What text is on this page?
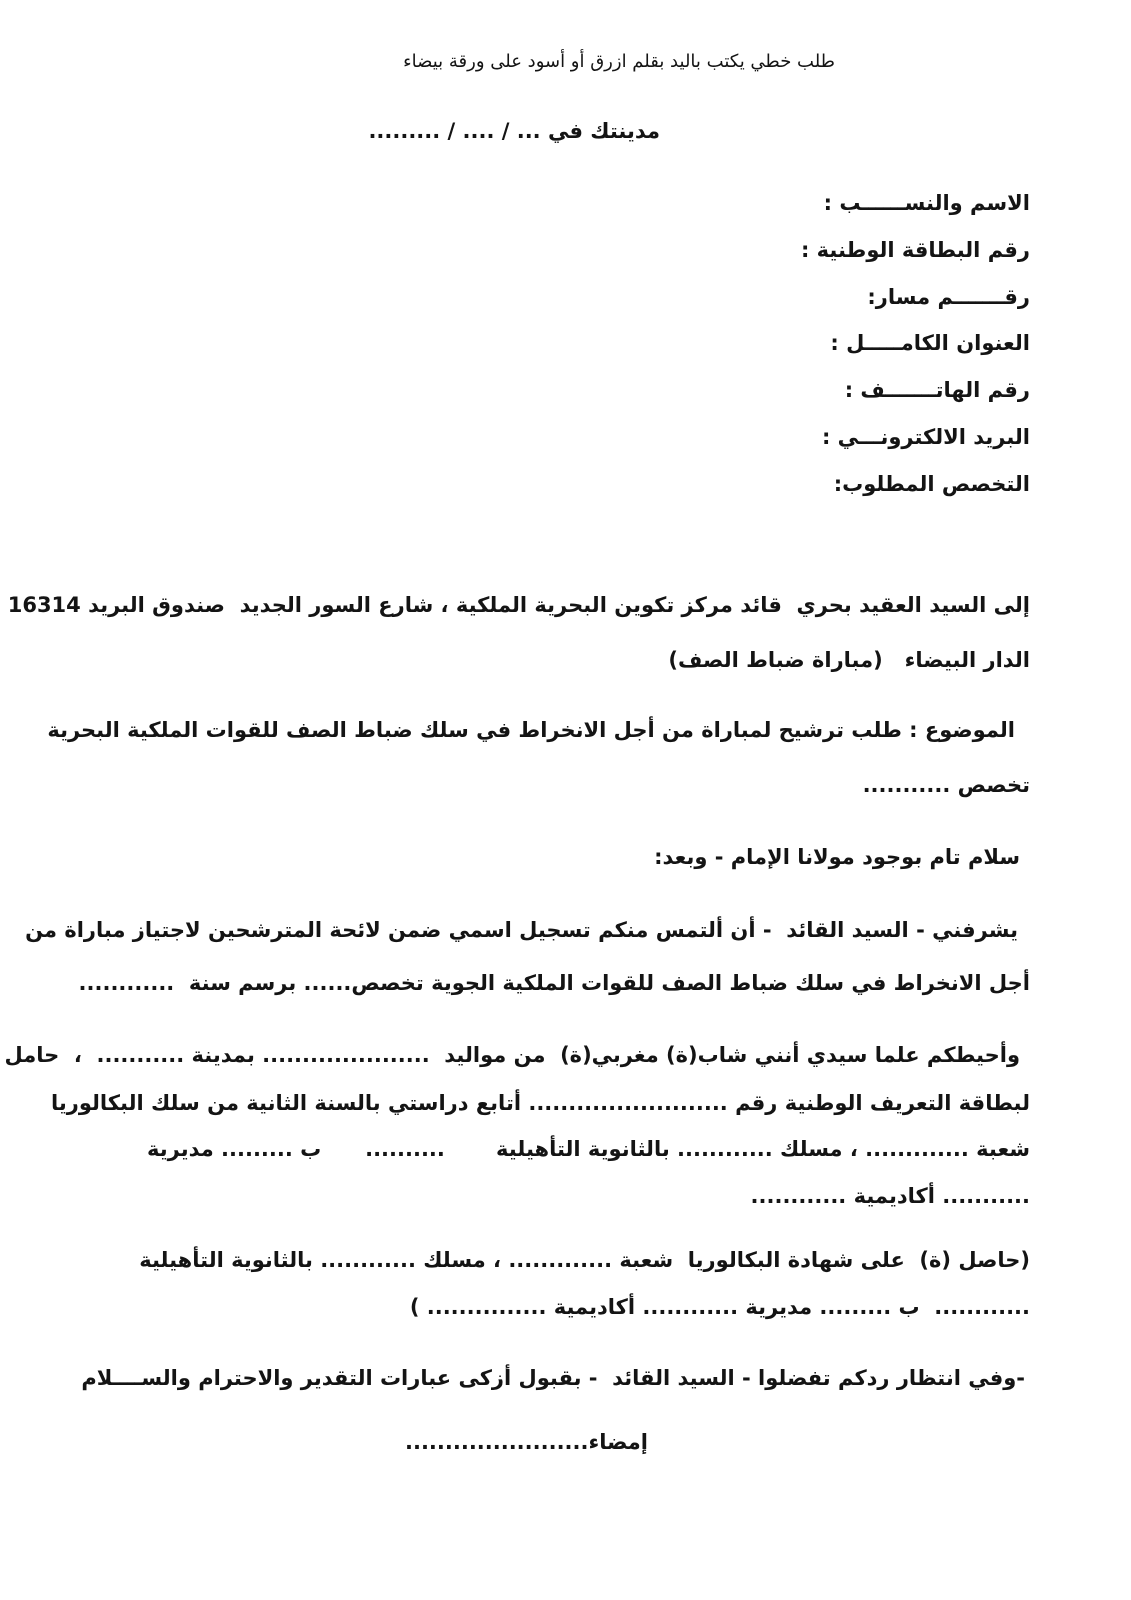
طلب خطي يكتب باليد بقلم ازرق أو أسود على ورقة بيضاء
مدينتك في ... / .... / .........
الاسم والنســــــب :
رقم البطاقة الوطنية :
رقـــــــم مسار:
العنوان الكامـــــل :
رقم الهاتـــــــف :
البريد الالكترونـــي :
التخصص المطلوب:
إلى السيد العقيد بحري  قائد مركز تكوين البحرية الملكية ، شارع السور الجديد  صندوق البريد 16314
الدار البيضاء   (مباراة ضباط الصف)
الموضوع : طلب ترشيح لمباراة من أجل الانخراط في سلك ضباط الصف للقوات الملكية البحرية
تخصص ...........
سلام تام بوجود مولانا الإمام - وبعد:
يشرفني - السيد القائد  - أن ألتمس منكم تسجيل اسمي ضمن لائحة المترشحين لاجتياز مباراة من
أجل الانخراط في سلك ضباط الصف للقوات الملكية الجوية تخصص...... برسم سنة  ............
وأحيطكم علما سيدي أنني شاب(ة) مغربي(ة)  من مواليد  ..................... بمدينة ...........  ،  حامل
لبطاقة التعريف الوطنية رقم ......................... أتابع دراستي بالسنة الثانية من سلك البكالوريا
شعبة ............. ، مسلك ............ بالثانوية التأهيلية       ..........      ب ......... مديرية
........... أكاديمية ............
(حاصل (ة)  على شهادة البكالوريا  شعبة ............. ، مسلك ............ بالثانوية التأهيلية
............  ب ......... مديرية ............ أكاديمية ............... )
-وفي انتظار ردكم تفضلوا - السيد القائد  - بقبول أزكى عبارات التقدير والاحترام والســــلام
إمضاء.......................
